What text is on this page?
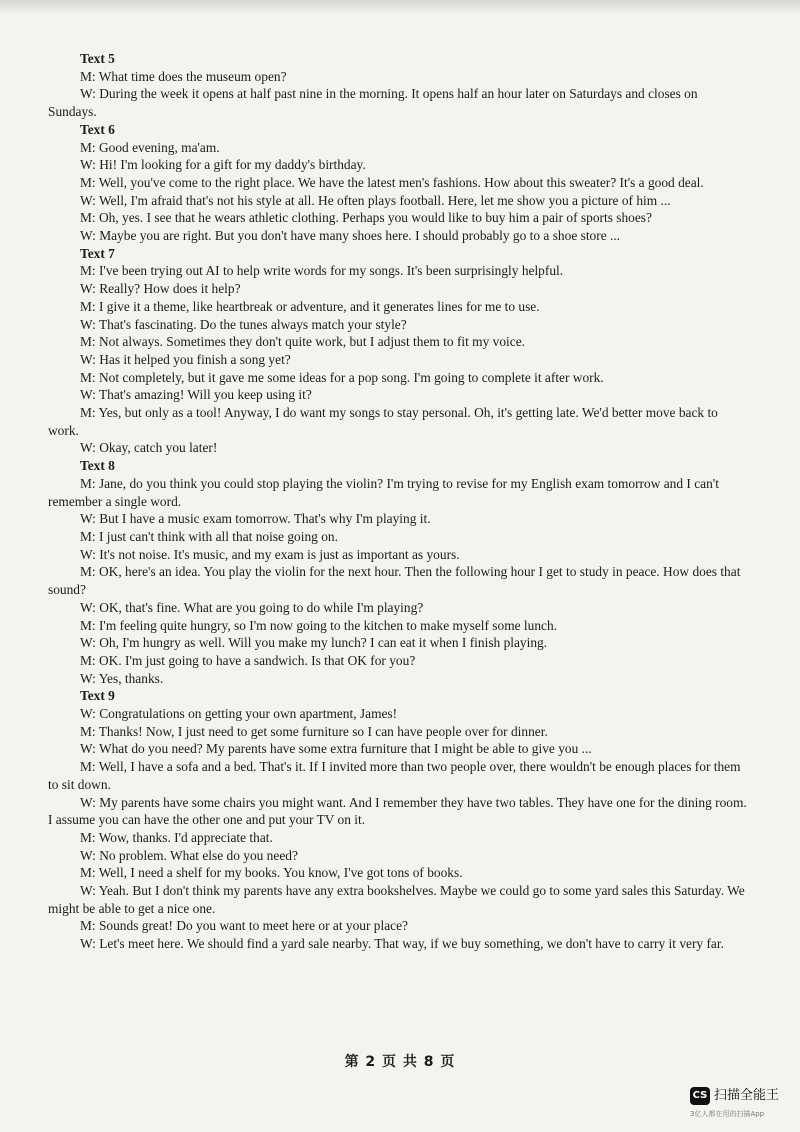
Text 5
M: What time does the museum open?
W: During the week it opens at half past nine in the morning. It opens half an hour later on Saturdays and closes on Sundays.
Text 6
M: Good evening, ma'am.
W: Hi! I'm looking for a gift for my daddy's birthday.
M: Well, you've come to the right place. We have the latest men's fashions. How about this sweater? It's a good deal.
W: Well, I'm afraid that's not his style at all. He often plays football. Here, let me show you a picture of him ...
M: Oh, yes. I see that he wears athletic clothing. Perhaps you would like to buy him a pair of sports shoes?
W: Maybe you are right. But you don't have many shoes here. I should probably go to a shoe store ...
Text 7
M: I've been trying out AI to help write words for my songs. It's been surprisingly helpful.
W: Really? How does it help?
M: I give it a theme, like heartbreak or adventure, and it generates lines for me to use.
W: That's fascinating. Do the tunes always match your style?
M: Not always. Sometimes they don't quite work, but I adjust them to fit my voice.
W: Has it helped you finish a song yet?
M: Not completely, but it gave me some ideas for a pop song. I'm going to complete it after work.
W: That's amazing! Will you keep using it?
M: Yes, but only as a tool! Anyway, I do want my songs to stay personal. Oh, it's getting late. We'd better move back to work.
W: Okay, catch you later!
Text 8
M: Jane, do you think you could stop playing the violin? I'm trying to revise for my English exam tomorrow and I can't remember a single word.
W: But I have a music exam tomorrow. That's why I'm playing it.
M: I just can't think with all that noise going on.
W: It's not noise. It's music, and my exam is just as important as yours.
M: OK, here's an idea. You play the violin for the next hour. Then the following hour I get to study in peace. How does that sound?
W: OK, that's fine. What are you going to do while I'm playing?
M: I'm feeling quite hungry, so I'm now going to the kitchen to make myself some lunch.
W: Oh, I'm hungry as well. Will you make my lunch? I can eat it when I finish playing.
M: OK. I'm just going to have a sandwich. Is that OK for you?
W: Yes, thanks.
Text 9
W: Congratulations on getting your own apartment, James!
M: Thanks! Now, I just need to get some furniture so I can have people over for dinner.
W: What do you need? My parents have some extra furniture that I might be able to give you ...
M: Well, I have a sofa and a bed. That's it. If I invited more than two people over, there wouldn't be enough places for them to sit down.
W: My parents have some chairs you might want. And I remember they have two tables. They have one for the dining room. I assume you can have the other one and put your TV on it.
M: Wow, thanks. I'd appreciate that.
W: No problem. What else do you need?
M: Well, I need a shelf for my books. You know, I've got tons of books.
W: Yeah. But I don't think my parents have any extra bookshelves. Maybe we could go to some yard sales this Saturday. We might be able to get a nice one.
M: Sounds great! Do you want to meet here or at your place?
W: Let's meet here. We should find a yard sale nearby. That way, if we buy something, we don't have to carry it very far.
第 2 页 共 8 页
CS 扫描全能王
3亿人都在用的扫描App
